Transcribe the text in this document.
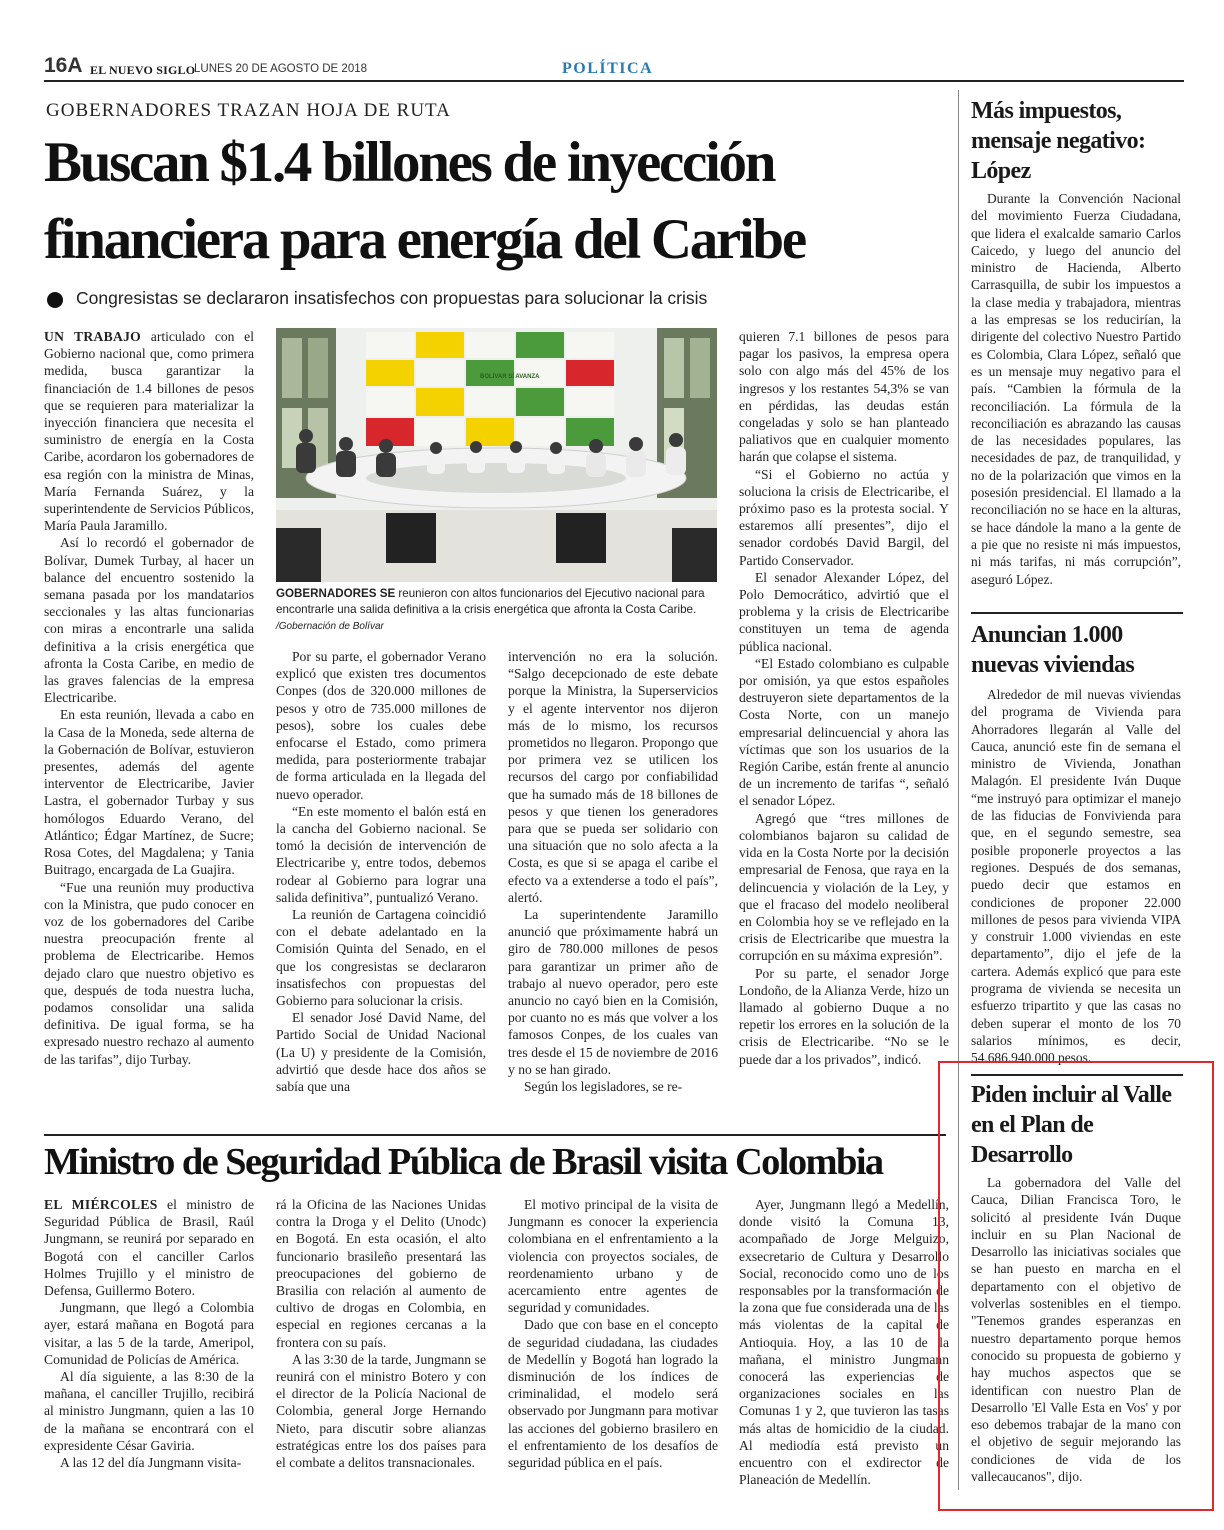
16A EL NUEVO SIGLO
LUNES 20 DE AGOSTO DE 2018	POLÍTICA
GOBERNADORES TRAZAN HOJA DE RUTA
Buscan $1.4 billones de inyección
financiera para energía del Caribe
Congresistas se declararon insatisfechos con propuestas para solucionar la crisis

UN TRABAJO articulado con el Gobierno nacional que, como primera medida, busca garantizar la financiación de 1.4 billones de pesos que se requieren para materializar la inyección financiera que necesita el suministro de energía en la Costa Caribe, acordaron los gobernadores de esa región con la ministra de Minas, María Fernanda Suárez, y la superintendente de Servicios Públicos, María Paula Jaramillo.

Así lo recordó el gobernador de Bolívar, Dumek Turbay, al hacer un balance del encuentro sostenido la semana pasada por los mandatarios seccionales y las altas funcionarias con miras a encontrarle una salida definitiva a la crisis energética que afronta la Costa Caribe, en medio de las graves falencias de la empresa Electricaribe.

En esta reunión, llevada a cabo en la Casa de la Moneda, sede alterna de la Gobernación de Bolívar, estuvieron presentes, además del agente interventor de Electricaribe, Javier Lastra, el gobernador Turbay y sus homólogos Eduardo Verano, del Atlántico; Édgar Martínez, de Sucre; Rosa Cotes, del Magdalena; y Tania Buitrago, encargada de La Guajira.

“Fue una reunión muy productiva con la Ministra, que pudo conocer en voz de los gobernadores del Caribe nuestra preocupación frente al problema de Electricaribe. Hemos dejado claro que nuestro objetivo es que, después de toda nuestra lucha, podamos consolidar una salida definitiva. De igual forma, se ha expresado nuestro rechazo al aumento de las tarifas”, dijo Turbay.

BOLÍVAR SÍ AVANZA
GOBERNADORES SE reunieron con altos funcionarios del Ejecutivo nacional para encontrarle una salida definitiva a la crisis energética que afronta la Costa Caribe. /Gobernación de Bolívar

Por su parte, el gobernador Verano explicó que existen tres documentos Conpes (dos de 320.000 millones de pesos y otro de 735.000 millones de pesos), sobre los cuales debe enfocarse el Estado, como primera medida, para posteriormente trabajar de forma articulada en la llegada del nuevo operador.

“En este momento el balón está en la cancha del Gobierno nacional. Se tomó la decisión de intervención de Electricaribe y, entre todos, debemos rodear al Gobierno para lograr una salida definitiva”, puntualizó Verano.

La reunión de Cartagena coincidió con el debate adelantado en la Comisión Quinta del Senado, en el que los congresistas se declararon insatisfechos con propuestas del Gobierno para solucionar la crisis.

El senador José David Name, del Partido Social de Unidad Nacional (La U) y presidente de la Comisión, advirtió que desde hace dos años se sabía que una

intervención no era la solución. “Salgo decepcionado de este debate porque la Ministra, la Superservicios y el agente interventor nos dijeron más de lo mismo, los recursos prometidos no llegaron. Propongo que por primera vez se utilicen los recursos del cargo por confiabilidad que ha sumado más de 18 billones de pesos y que tienen los generadores para que se pueda ser solidario con una situación que no solo afecta a la Costa, es que si se apaga el caribe el efecto va a extenderse a todo el país”, alertó.

La superintendente Jaramillo anunció que próximamente habrá un giro de 780.000 millones de pesos para garantizar un primer año de trabajo al nuevo operador, pero este anuncio no cayó bien en la Comisión, por cuanto no es más que volver a los famosos Conpes, de los cuales van tres desde el 15 de noviembre de 2016 y no se han girado.

Según los legisladores, se re-

quieren 7.1 billones de pesos para pagar los pasivos, la empresa opera solo con algo más del 45% de los ingresos y los restantes 54,3% se van en pérdidas, las deudas están congeladas y solo se han planteado paliativos que en cualquier momento harán que colapse el sistema.

“Si el Gobierno no actúa y soluciona la crisis de Electricaribe, el próximo paso es la protesta social. Y estaremos allí presentes”, dijo el senador cordobés David Bargil, del Partido Conservador.

El senador Alexander López, del Polo Democrático, advirtió que el problema y la crisis de Electricaribe constituyen un tema de agenda pública nacional.

“El Estado colombiano es culpable por omisión, ya que estos españoles destruyeron siete departamentos de la Costa Norte, con un manejo empresarial delincuencial y ahora las víctimas que son los usuarios de la Región Caribe, están frente al anuncio de un incremento de tarifas “, señaló el senador López.

Agregó que “tres millones de colombianos bajaron su calidad de vida en la Costa Norte por la decisión empresarial de Fenosa, que raya en la delincuencia y violación de la Ley, y que el fracaso del modelo neoliberal en Colombia hoy se ve reflejado en la crisis de Electricaribe que muestra la corrupción en su máxima expresión”.

Por su parte, el senador Jorge Londoño, de la Alianza Verde, hizo un llamado al gobierno Duque a no repetir los errores en la solución de la crisis de Electricaribe. “No se le puede dar a los privados”, indicó.

Ministro de Seguridad Pública de Brasil visita Colombia

EL MIÉRCOLES el ministro de Seguridad Pública de Brasil, Raúl Jungmann, se reunirá por separado en Bogotá con el canciller Carlos Holmes Trujillo y el ministro de Defensa, Guillermo Botero.

Jungmann, que llegó a Colombia ayer, estará mañana en Bogotá para visitar, a las 5 de la tarde, Ameripol, Comunidad de Policías de América.

Al día siguiente, a las 8:30 de la mañana, el canciller Trujillo, recibirá al ministro Jungmann, quien a las 10 de la mañana se encontrará con el expresidente César Gaviria.

A las 12 del día Jungmann visita-

rá la Oficina de las Naciones Unidas contra la Droga y el Delito (Unodc) en Bogotá. En esta ocasión, el alto funcionario brasileño presentará las preocupaciones del gobierno de Brasilia con relación al aumento de cultivo de drogas en Colombia, en especial en regiones cercanas a la frontera con su país.

A las 3:30 de la tarde, Jungmann se reunirá con el ministro Botero y con el director de la Policía Nacional de Colombia, general Jorge Hernando Nieto, para discutir sobre alianzas estratégicas entre los dos países para el combate a delitos transnacionales.

El motivo principal de la visita de Jungmann es conocer la experiencia colombiana en el enfrentamiento a la violencia con proyectos sociales, de reordenamiento urbano y de acercamiento entre agentes de seguridad y comunidades.

Dado que con base en el concepto de seguridad ciudadana, las ciudades de Medellín y Bogotá han logrado la disminución de los índices de criminalidad, el modelo será observado por Jungmann para motivar las acciones del gobierno brasilero en el enfrentamiento de los desafíos de seguridad pública en el país.

Ayer, Jungmann llegó a Medellín, donde visitó la Comuna 13, acompañado de Jorge Melguizo, exsecretario de Cultura y Desarrollo Social, reconocido como uno de los responsables por la transformación de la zona que fue considerada una de las más violentas de la capital de Antioquia. Hoy, a las 10 de la mañana, el ministro Jungmann conocerá las experiencias de organizaciones sociales en las Comunas 1 y 2, que tuvieron las tasas más altas de homicidio de la ciudad. Al mediodía está previsto un encuentro con el exdirector de Planeación de Medellín.

Más impuestos, mensaje negativo: López

Durante la Convención Nacional del movimiento Fuerza Ciudadana, que lidera el exalcalde samario Carlos Caicedo, y luego del anuncio del ministro de Hacienda, Alberto Carrasquilla, de subir los impuestos a la clase media y trabajadora, mientras a las empresas se los reducirían, la dirigente del colectivo Nuestro Partido es Colombia, Clara López, señaló que es un mensaje muy negativo para el país. “Cambien la fórmula de la reconciliación. La fórmula de la reconciliación es abrazando las causas de las necesidades populares, las necesidades de paz, de tranquilidad, y no de la polarización que vimos en la posesión presidencial. El llamado a la reconciliación no se hace en la alturas, se hace dándole la mano a la gente de a pie que no resiste ni más impuestos, ni más tarifas, ni más corrupción”, aseguró López.

Anuncian 1.000 nuevas viviendas

Alrededor de mil nuevas viviendas del programa de Vivienda para Ahorradores llegarán al Valle del Cauca, anunció este fin de semana el ministro de Vivienda, Jonathan Malagón. El presidente Iván Duque “me instruyó para optimizar el manejo de las fiducias de Fonvivienda para que, en el segundo semestre, sea posible proponerle proyectos a las regiones. Después de dos semanas, puedo decir que estamos en condiciones de proponer 22.000 millones de pesos para vivienda VIPA y construir 1.000 viviendas en este departamento”, dijo el jefe de la cartera. Además explicó que para este programa de vivienda se necesita un esfuerzo tripartito y que las casas no deben superar el monto de los 70 salarios mínimos, es decir, 54.686.940.000 pesos.

Piden incluir al Valle en el Plan de Desarrollo

La gobernadora del Valle del Cauca, Dilian Francisca Toro, le solicitó al presidente Iván Duque incluir en su Plan Nacional de Desarrollo las iniciativas sociales que se han puesto en marcha en el departamento con el objetivo de volverlas sostenibles en el tiempo. "Tenemos grandes esperanzas en nuestro departamento porque hemos conocido su propuesta de gobierno y hay muchos aspectos que se identifican con nuestro Plan de Desarrollo 'El Valle Esta en Vos' y por eso debemos trabajar de la mano con el objetivo de seguir mejorando las condiciones de vida de los vallecaucanos", dijo.
